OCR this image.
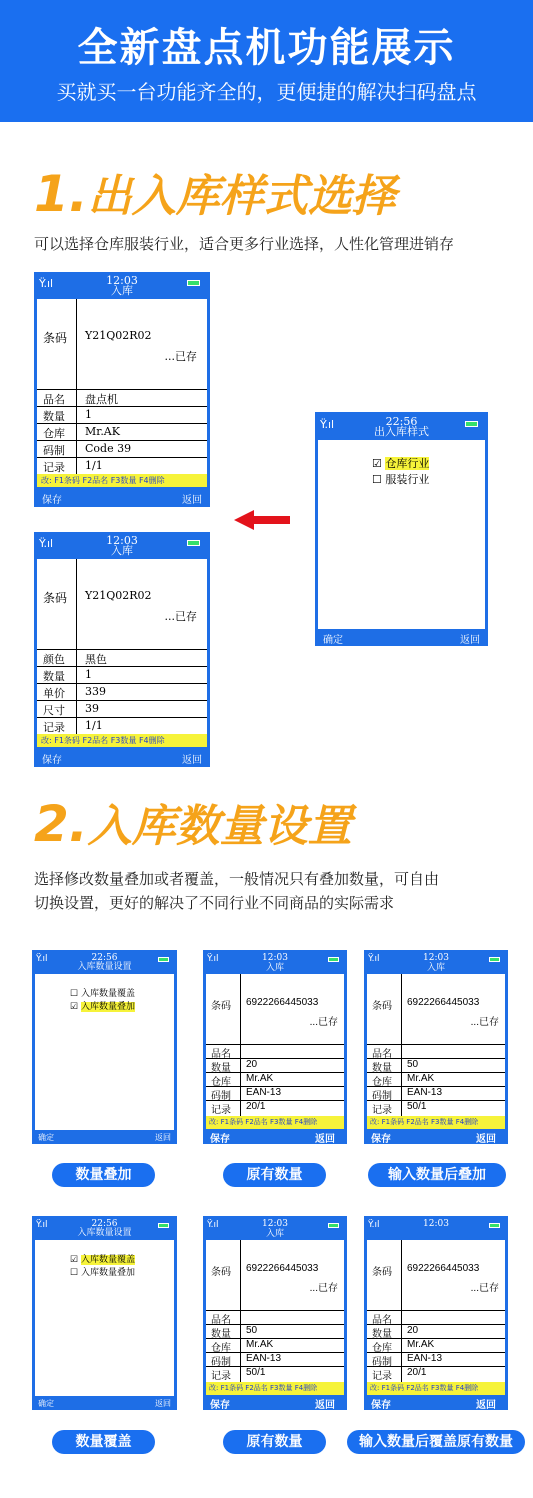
全新盘点机功能展示
买就买一台功能齐全的，更便捷的解决扫码盘点
1.出入库样式选择
可以选择仓库服装行业，适合更多行业选择，人性化管理进销存
Ÿ.ıl	12:03
入库
条码 Y21Q02R02
...已存
品名 盘点机
数量 1
仓库 Mr.AK
码制 Code 39
记录 1/1
改: F1条码 F2品名 F3数量 F4删除
保存	返回
Ÿ.ıl	22:56
出入库样式
☑ 仓库行业
☐ 服装行业
确定	返回
Ÿ.ıl	12:03
入库
条码 Y21Q02R02
...已存
颜色 黑色
数量 1
单价 339
尺寸 39
记录 1/1
改: F1条码 F2品名 F3数量 F4删除
保存	返回
2.入库数量设置
选择修改数量叠加或者覆盖，一般情况只有叠加数量，可自由
切换设置，更好的解决了不同行业不同商品的实际需求
Ÿ.ıl	22:56
入库数量设置
☐ 入库数量覆盖
☑ 入库数量叠加
确定	返回
Ÿ.ıl	12:03
入库
条码 6922266445033
...已存
品名
数量 20
仓库 Mr.AK
码制 EAN-13
记录 20/1
改: F1条码 F2品名 F3数量 F4删除
保存	返回
Ÿ.ıl	12:03
入库
条码 6922266445033
...已存
品名
数量 50
仓库 Mr.AK
码制 EAN-13
记录 50/1
改: F1条码 F2品名 F3数量 F4删除
保存	返回
数量叠加	原有数量	输入数量后叠加
Ÿ.ıl	22:56
入库数量设置
☑ 入库数量覆盖
☐ 入库数量叠加
确定	返回
Ÿ.ıl	12:03
入库
条码 6922266445033
...已存
品名
数量 50
仓库 Mr.AK
码制 EAN-13
记录 50/1
改: F1条码 F2品名 F3数量 F4删除
保存	返回
Ÿ.ıl	12:03
条码 6922266445033
...已存
品名
数量 20
仓库 Mr.AK
码制 EAN-13
记录 20/1
改: F1条码 F2品名 F3数量 F4删除
保存	返回
数量覆盖	原有数量	输入数量后覆盖原有数量
